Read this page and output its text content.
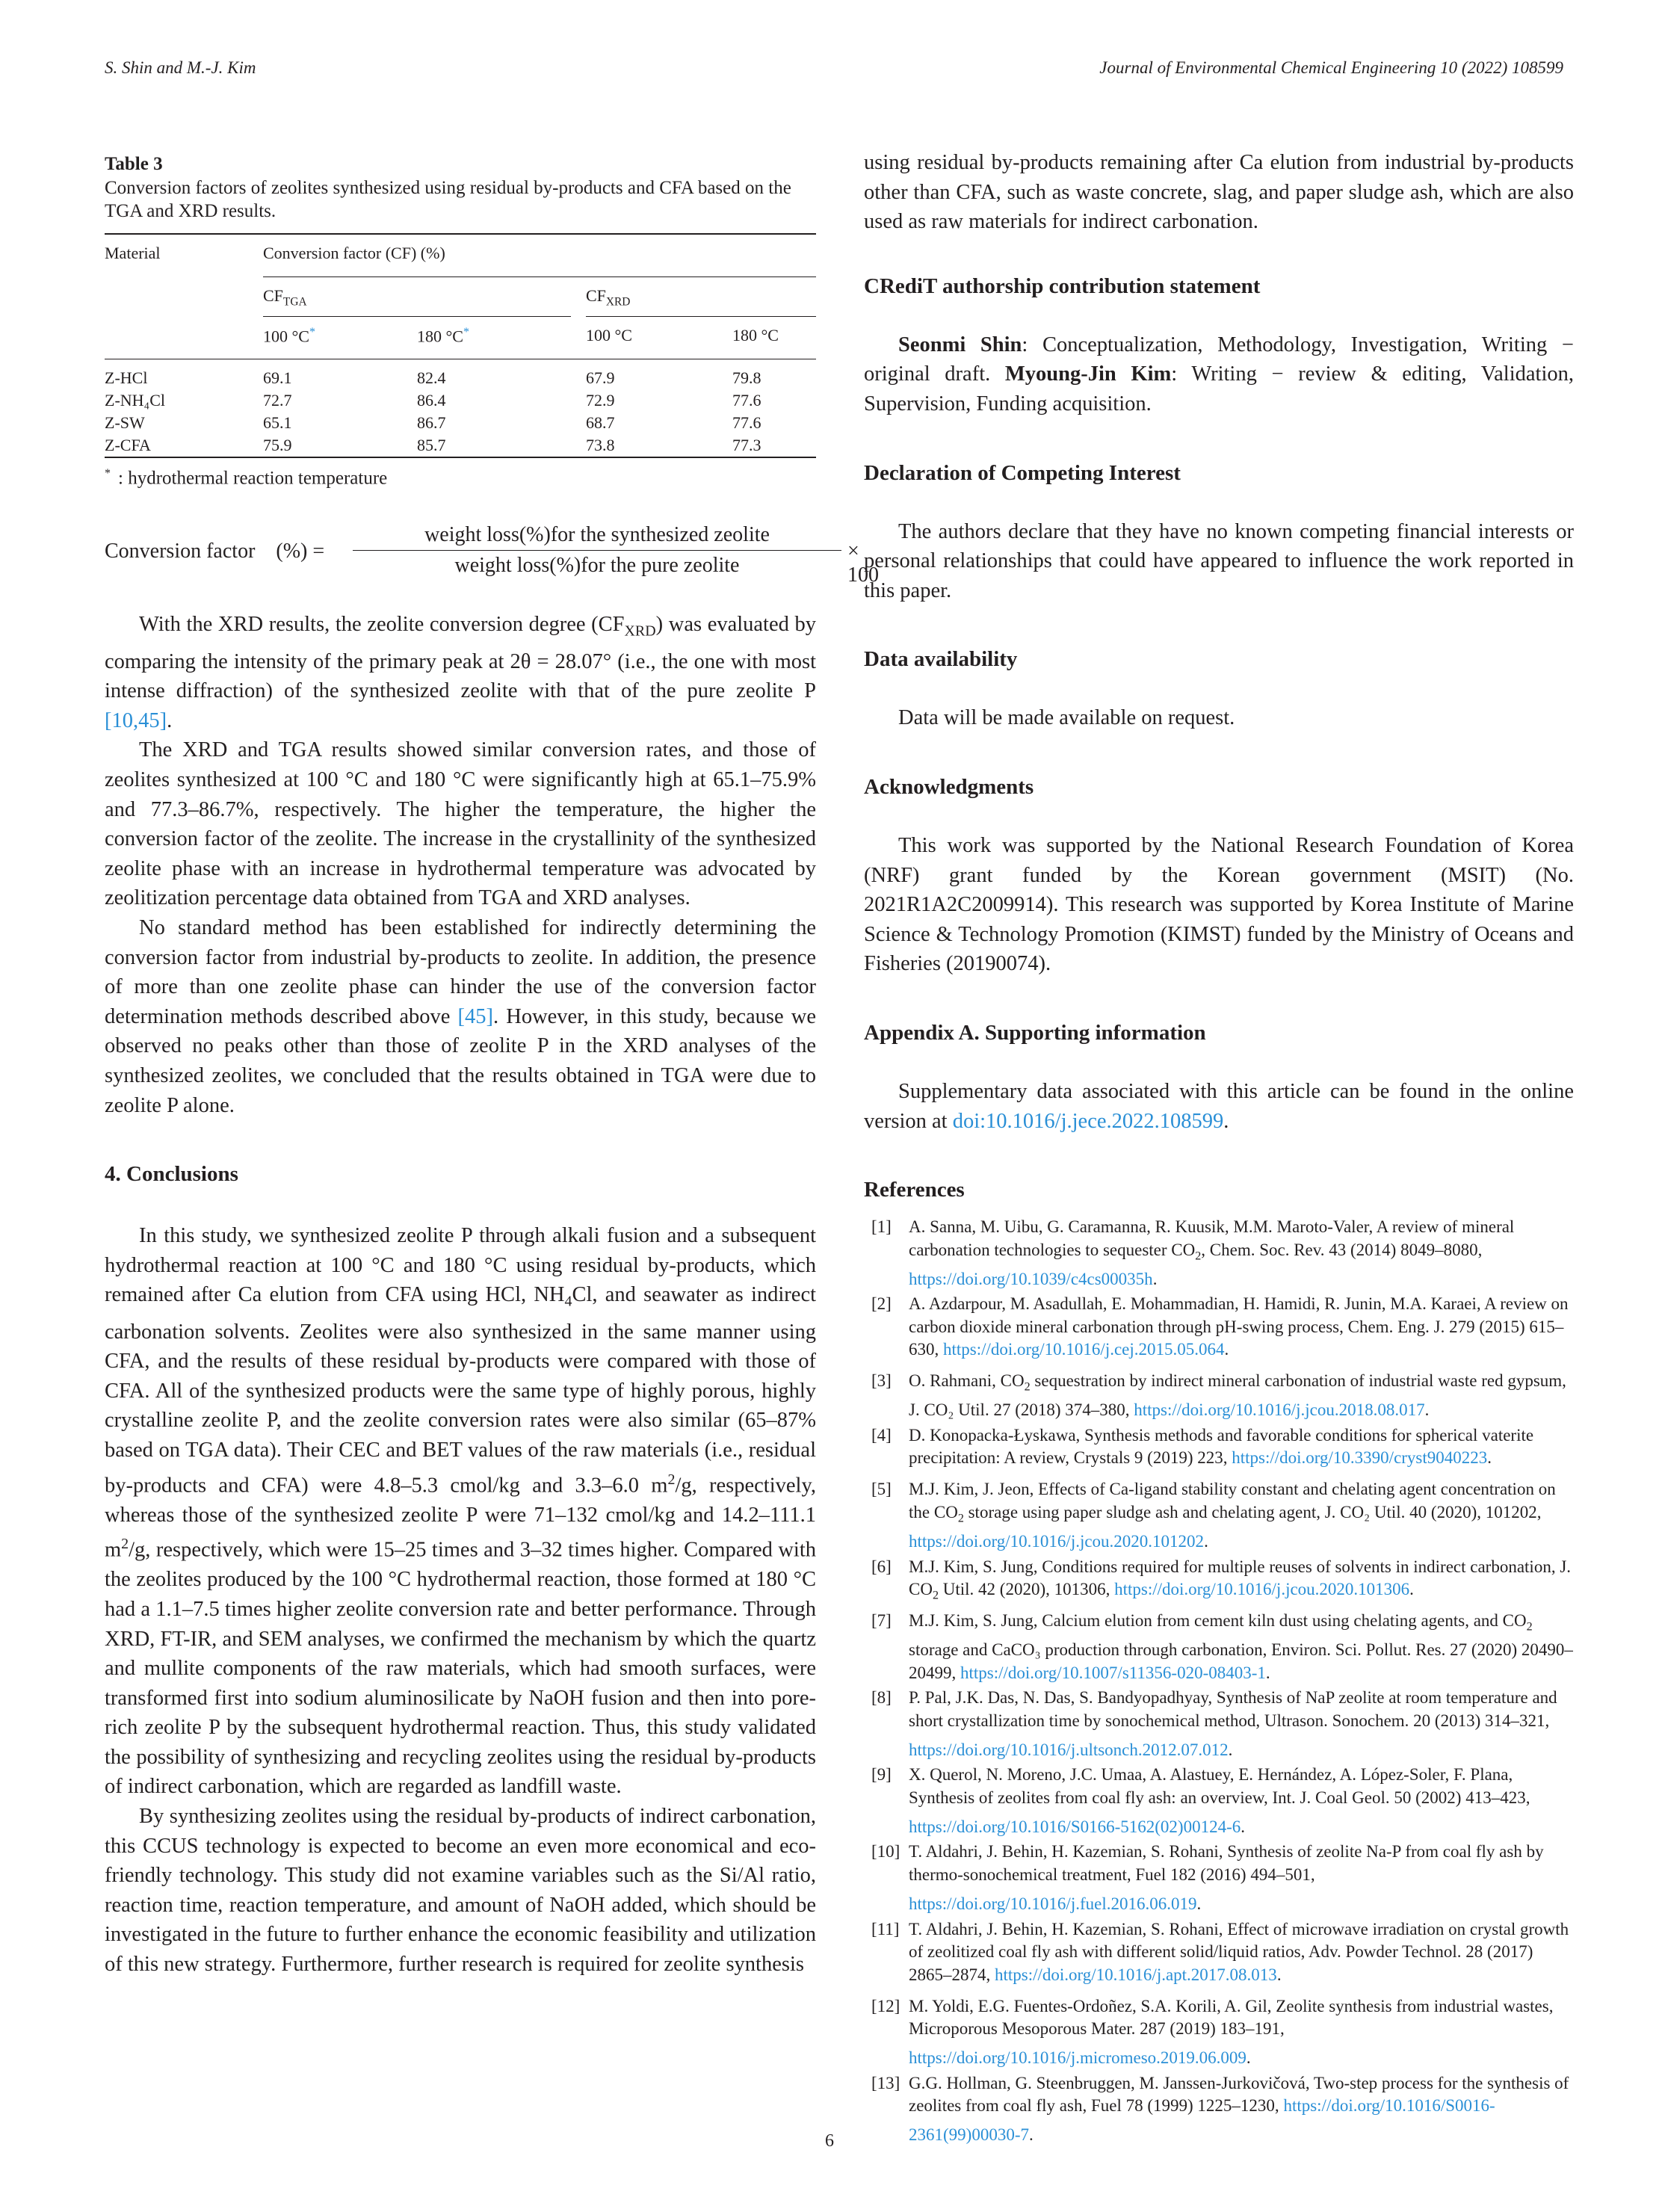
S. Shin and M.-J. Kim	Journal of Environmental Chemical Engineering 10 (2022) 108599
Table 3
Conversion factors of zeolites synthesized using residual by-products and CFA based on the TGA and XRD results.
Material	Conversion factor (CF) (%)				
	$CF_{TGA}$			$CF_{XRD}$
	100 °C*	180 °C*		100 °C	180 °C

Z-HCl	69.1	82.4		67.9	79.8
Z-NH₄Cl	72.7	86.4		72.9	77.6
Z-SW	65.1	86.7		68.7	77.6
Z-CFA	75.9	85.7		73.8	77.3

* : hydrothermal reaction temperature
Conversion factor    (%) =
weight loss(%)for the synthesized zeolite
weight loss(%)for the pure zeolite
× 100

With the XRD results, the zeolite conversion degree $(CF_{XRD})$ was evaluated by comparing the intensity of the primary peak at 2θ = 28.07° (i.e., the one with most intense diffraction) of the synthesized zeolite with that of the pure zeolite P [10,45].

The XRD and TGA results showed similar conversion rates, and those of zeolites synthesized at 100 °C and 180 °C were significantly high at 65.1–75.9% and 77.3–86.7%, respectively. The higher the temperature, the higher the conversion factor of the zeolite. The increase in the crystallinity of the synthesized zeolite phase with an increase in hydrothermal temperature was advocated by zeolitization percentage data obtained from TGA and XRD analyses.

No standard method has been established for indirectly determining the conversion factor from industrial by-products to zeolite. In addition, the presence of more than one zeolite phase can hinder the use of the conversion factor determination methods described above [45]. However, in this study, because we observed no peaks other than those of zeolite P in the XRD analyses of the synthesized zeolites, we concluded that the results obtained in TGA were due to zeolite P alone.

4. Conclusions

In this study, we synthesized zeolite P through alkali fusion and a subsequent hydrothermal reaction at 100 °C and 180 °C using residual by-products, which remained after Ca elution from CFA using HCl, $NH_4Cl$, and seawater as indirect carbonation solvents. Zeolites were also synthesized in the same manner using CFA, and the results of these residual by-products were compared with those of CFA. All of the synthesized products were the same type of highly porous, highly crystalline zeolite P, and the zeolite conversion rates were also similar (65–87% based on TGA data). Their CEC and BET values of the raw materials (i.e., residual by-products and CFA) were 4.8–5.3 cmol/kg and 3.3–6.0 $m^2/g$, respectively, whereas those of the synthesized zeolite P were 71–132 cmol/kg and 14.2–111.1 $m^2/g$, respectively, which were 15–25 times and 3–32 times higher. Compared with the zeolites produced by the 100 °C hydrothermal reaction, those formed at 180 °C had a 1.1–7.5 times higher zeolite conversion rate and better performance. Through XRD, FT-IR, and SEM analyses, we confirmed the mechanism by which the quartz and mullite components of the raw materials, which had smooth surfaces, were transformed first into sodium aluminosilicate by NaOH fusion and then into pore-rich zeolite P by the subsequent hydrothermal reaction. Thus, this study validated the possibility of synthesizing and recycling zeolites using the residual by-products of indirect carbonation, which are regarded as landfill waste.

By synthesizing zeolites using the residual by-products of indirect carbonation, this CCUS technology is expected to become an even more economical and eco-friendly technology. This study did not examine variables such as the Si/Al ratio, reaction time, reaction temperature, and amount of NaOH added, which should be investigated in the future to further enhance the economic feasibility and utilization of this new strategy. Furthermore, further research is required for zeolite synthesis

using residual by-products remaining after Ca elution from industrial by-products other than CFA, such as waste concrete, slag, and paper sludge ash, which are also used as raw materials for indirect carbonation.

CRediT authorship contribution statement

Seonmi Shin: Conceptualization, Methodology, Investigation, Writing − original draft. Myoung-Jin Kim: Writing − review & editing, Validation, Supervision, Funding acquisition.

Declaration of Competing Interest

The authors declare that they have no known competing financial interests or personal relationships that could have appeared to influence the work reported in this paper.

Data availability

Data will be made available on request.

Acknowledgments

This work was supported by the National Research Foundation of Korea (NRF) grant funded by the Korean government (MSIT) (No. 2021R1A2C2009914). This research was supported by Korea Institute of Marine Science & Technology Promotion (KIMST) funded by the Ministry of Oceans and Fisheries (20190074).

Appendix A. Supporting information

Supplementary data associated with this article can be found in the online version at doi:10.1016/j.jece.2022.108599.

References
[1]	A. Sanna, M. Uibu, G. Caramanna, R. Kuusik, M.M. Maroto-Valer, A review of mineral carbonation technologies to sequester $CO_2$, Chem. Soc. Rev. 43 (2014) 8049–8080, https://doi.org/10.1039/c4cs00035h.
[2]	A. Azdarpour, M. Asadullah, E. Mohammadian, H. Hamidi, R. Junin, M.A. Karaei, A review on carbon dioxide mineral carbonation through pH-swing process, Chem. Eng. J. 279 (2015) 615–630, https://doi.org/10.1016/j.cej.2015.05.064.
[3]	O. Rahmani, $CO_2$ sequestration by indirect mineral carbonation of industrial waste red gypsum, J. CO₂ Util. 27 (2018) 374–380, https://doi.org/10.1016/j.jcou.2018.08.017.
[4]	D. Konopacka-Łyskawa, Synthesis methods and favorable conditions for spherical vaterite precipitation: A review, Crystals 9 (2019) 223, https://doi.org/10.3390/cryst9040223.
[5]	M.J. Kim, J. Jeon, Effects of Ca-ligand stability constant and chelating agent concentration on the $CO_2$ storage using paper sludge ash and chelating agent, J. CO₂ Util. 40 (2020), 101202, https://doi.org/10.1016/j.jcou.2020.101202.
[6]	M.J. Kim, S. Jung, Conditions required for multiple reuses of solvents in indirect carbonation, J. $CO_2$ Util. 42 (2020), 101306, https://doi.org/10.1016/j.jcou.2020.101306.
[7]	M.J. Kim, S. Jung, Calcium elution from cement kiln dust using chelating agents, and $CO_2$ storage and CaCO₃ production through carbonation, Environ. Sci. Pollut. Res. 27 (2020) 20490–20499, https://doi.org/10.1007/s11356-020-08403-1.
[8]	P. Pal, J.K. Das, N. Das, S. Bandyopadhyay, Synthesis of NaP zeolite at room temperature and short crystallization time by sonochemical method, Ultrason. Sonochem. 20 (2013) 314–321, https://doi.org/10.1016/j.ultsonch.2012.07.012.
[9]	X. Querol, N. Moreno, J.C. Umaa, A. Alastuey, E. Hernández, A. López-Soler, F. Plana, Synthesis of zeolites from coal fly ash: an overview, Int. J. Coal Geol. 50 (2002) 413–423, https://doi.org/10.1016/S0166-5162(02)00124-6.
[10] T. Aldahri, J. Behin, H. Kazemian, S. Rohani, Synthesis of zeolite Na-P from coal fly ash by thermo-sonochemical treatment, Fuel 182 (2016) 494–501, https://doi.org/10.1016/j.fuel.2016.06.019.
[11] T. Aldahri, J. Behin, H. Kazemian, S. Rohani, Effect of microwave irradiation on crystal growth of zeolitized coal fly ash with different solid/liquid ratios, Adv. Powder Technol. 28 (2017) 2865–2874, https://doi.org/10.1016/j.apt.2017.08.013.
[12] M. Yoldi, E.G. Fuentes-Ordoñez, S.A. Korili, A. Gil, Zeolite synthesis from industrial wastes, Microporous Mesoporous Mater. 287 (2019) 183–191, https://doi.org/10.1016/j.micromeso.2019.06.009.
[13] G.G. Hollman, G. Steenbruggen, M. Janssen-Jurkovičová, Two-step process for the synthesis of zeolites from coal fly ash, Fuel 78 (1999) 1225–1230, https://doi.org/10.1016/S0016-2361(99)00030-7.
6
